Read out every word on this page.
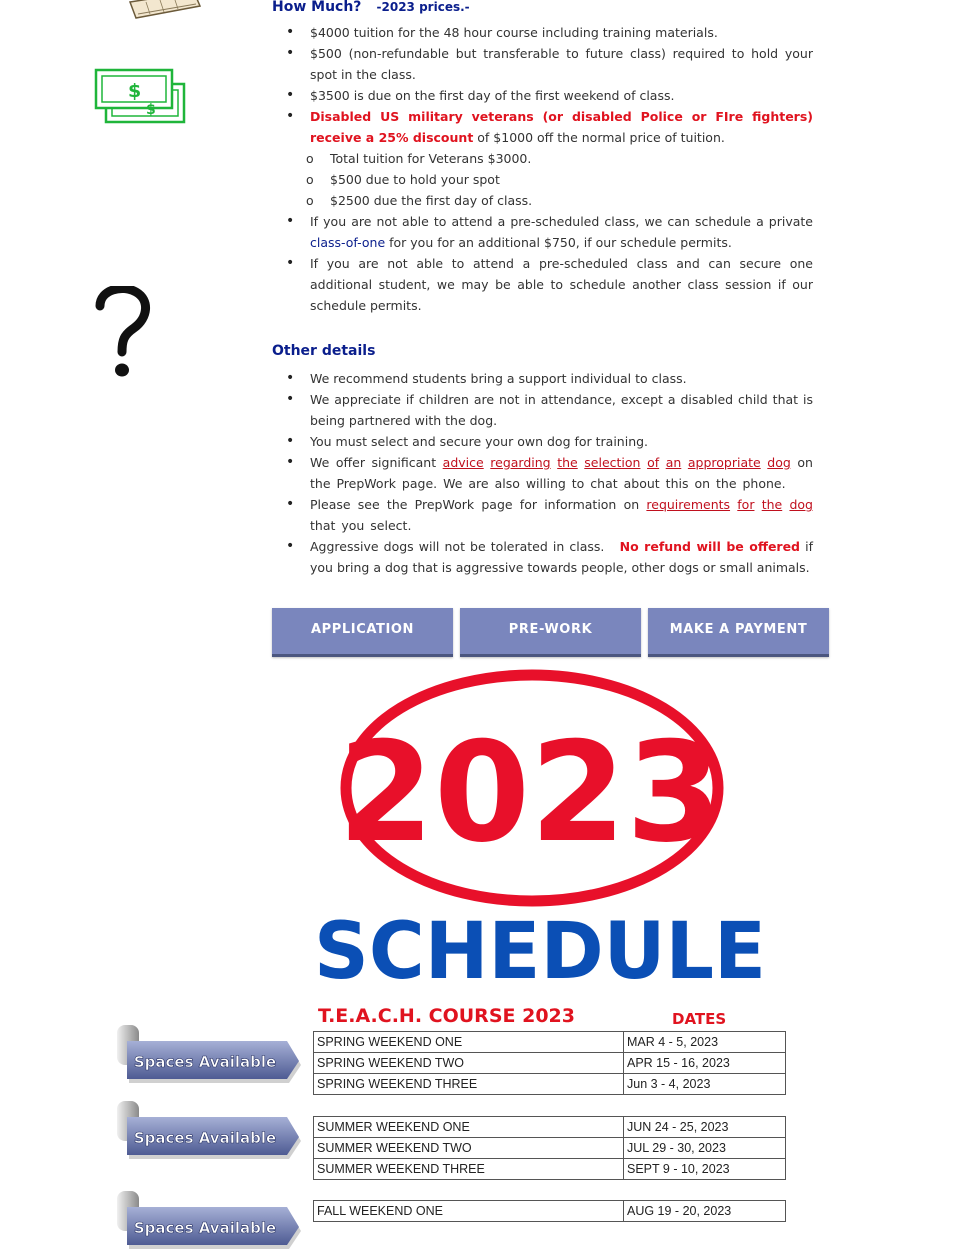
$
$
How Much? -2023 prices.-
• $4000 tuition for the 48 hour course including training materials.
• $500 (non-refundable but transferable to future class) required to hold your spot in the class.
• $3500 is due on the first day of the first weekend of class.
• Disabled US military veterans (or disabled Police or FIre fighters) receive a 25% discount of $1000 off the normal price of tuition.
o Total tuition for Veterans $3000.
o $500 due to hold your spot
o $2500 due the first day of class.
• If you are not able to attend a pre-scheduled class, we can schedule a private class-of-one for you for an additional $750, if our schedule permits.
• If you are not able to attend a pre-scheduled class and can secure one additional student, we may be able to schedule another class session if our schedule permits.
Other details
• We recommend students bring a support individual to class.
• We appreciate if children are not in attendance, except a disabled child that is being partnered with the dog.
• You must select and secure your own dog for training.
• We offer significant advice regarding the selection of an appropriate dog on the PrepWork page. We are also willing to chat about this on the phone.
• Please see the PrepWork page for information on requirements for the dog that you select.
• Aggressive dogs will not be tolerated in class.   No refund will be offered if you bring a dog that is aggressive towards people, other dogs or small animals.
APPLICATION	PRE-WORK	MAKE A PAYMENT
2023
SCHEDULE
T.E.A.C.H. COURSE 2023	DATES
Spaces Available
Spaces Available
Spaces Available
SPRING WEEKEND ONE	MAR 4 - 5, 2023
SPRING WEEKEND TWO	APR 15 - 16, 2023
SPRING WEEKEND THREE	Jun 3 - 4, 2023
SUMMER WEEKEND ONE	JUN 24 - 25, 2023
SUMMER WEEKEND TWO	JUL 29 - 30, 2023
SUMMER WEEKEND THREE	SEPT 9 - 10, 2023
FALL WEEKEND ONE	AUG 19 - 20, 2023
